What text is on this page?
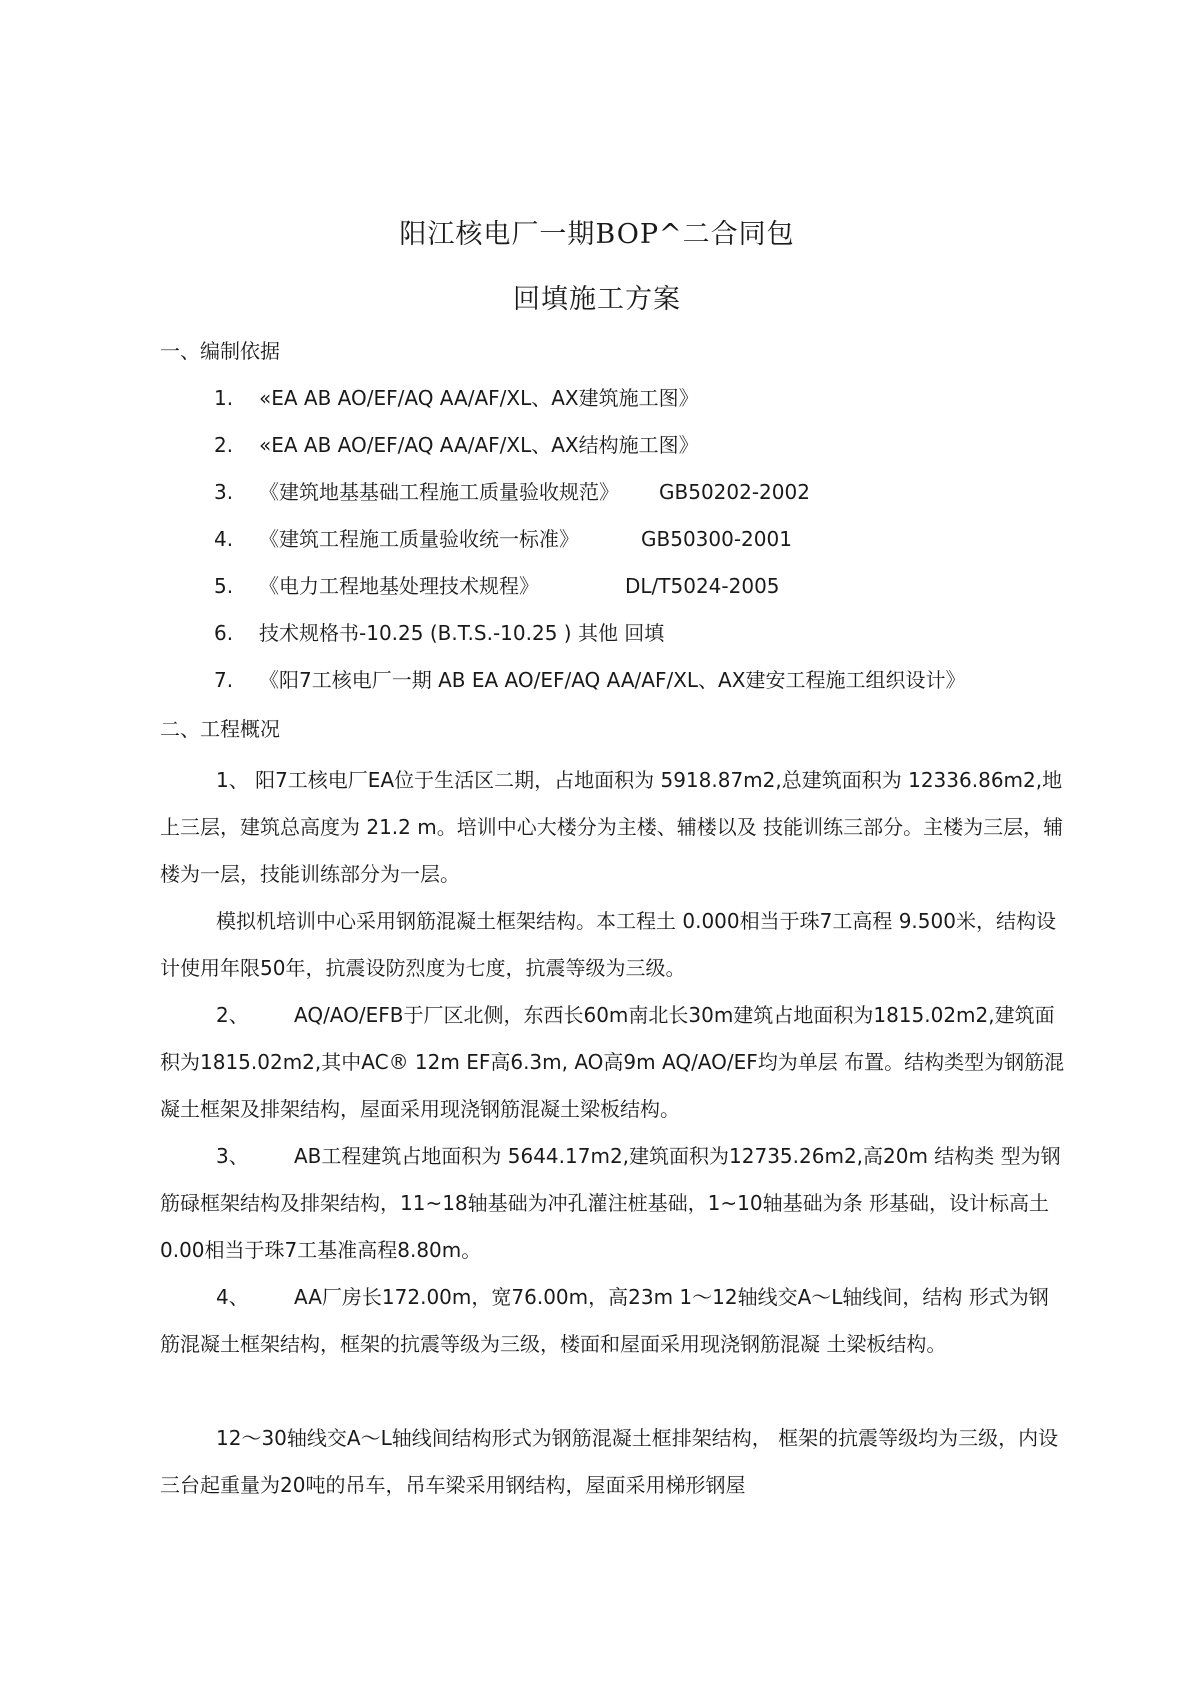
阳江核电厂一期BOP^二合同包
回填施工方案
一、编制依据
1. «EA AB AO/EF/AQ AA/AF/XL、AX建筑施工图》
2. «EA AB AO/EF/AQ AA/AF/XL、AX结构施工图》
3. 《建筑地基基础工程施工质量验收规范》 GB50202-2002
4. 《建筑工程施工质量验收统一标准》	GB50300-2001
5. 《电力工程地基处理技术规程》	DL/T5024-2005
6. 技术规格书-10.25 (B.T.S.-10.25 ) 其他 回填
7. 《阳7工核电厂一期 AB EA AO/EF/AQ AA/AF/XL、AX建安工程施工组织设计》
二、工程概况

1、 阳7工核电厂EA位于生活区二期，占地面积为 5918.87m2,总建筑面积为 12336.86m2,地上三层，建筑总高度为 21.2 m。培训中心大楼分为主楼、辅楼以及 技能训练三部分。主楼为三层，辅楼为一层，技能训练部分为一层。

模拟机培训中心采用钢筋混凝土框架结构。本工程土 0.000相当于珠7工高程 9.500米，结构设计使用年限50年，抗震设防烈度为七度，抗震等级为三级。

2、 AQ/AO/EFB于厂区北侧，东西长60m南北长30m建筑占地面积为1815.02m2,建筑面积为1815.02m2,其中AC® 12m EF高6.3m, AO高9m AQ/AO/EF均为单层 布置。结构类型为钢筋混凝土框架及排架结构，屋面采用现浇钢筋混凝土梁板结构。

3、 AB工程建筑占地面积为 5644.17m2,建筑面积为12735.26m2,高20m 结构类 型为钢筋碌框架结构及排架结构，11~18轴基础为冲孔灌注桩基础，1~10轴基础为条 形基础，设计标高土 0.00相当于珠7工基准高程8.80m。

4、 AA厂房长172.00m，宽76.00m，高23m 1～12轴线交A～L轴线间，结构 形式为钢筋混凝土框架结构，框架的抗震等级为三级，楼面和屋面采用现浇钢筋混凝 土梁板结构。

12～30轴线交A～L轴线间结构形式为钢筋混凝土框排架结构， 框架的抗震等级均为三级，内设三台起重量为20吨的吊车，吊车梁采用钢结构，屋面采用梯形钢屋
